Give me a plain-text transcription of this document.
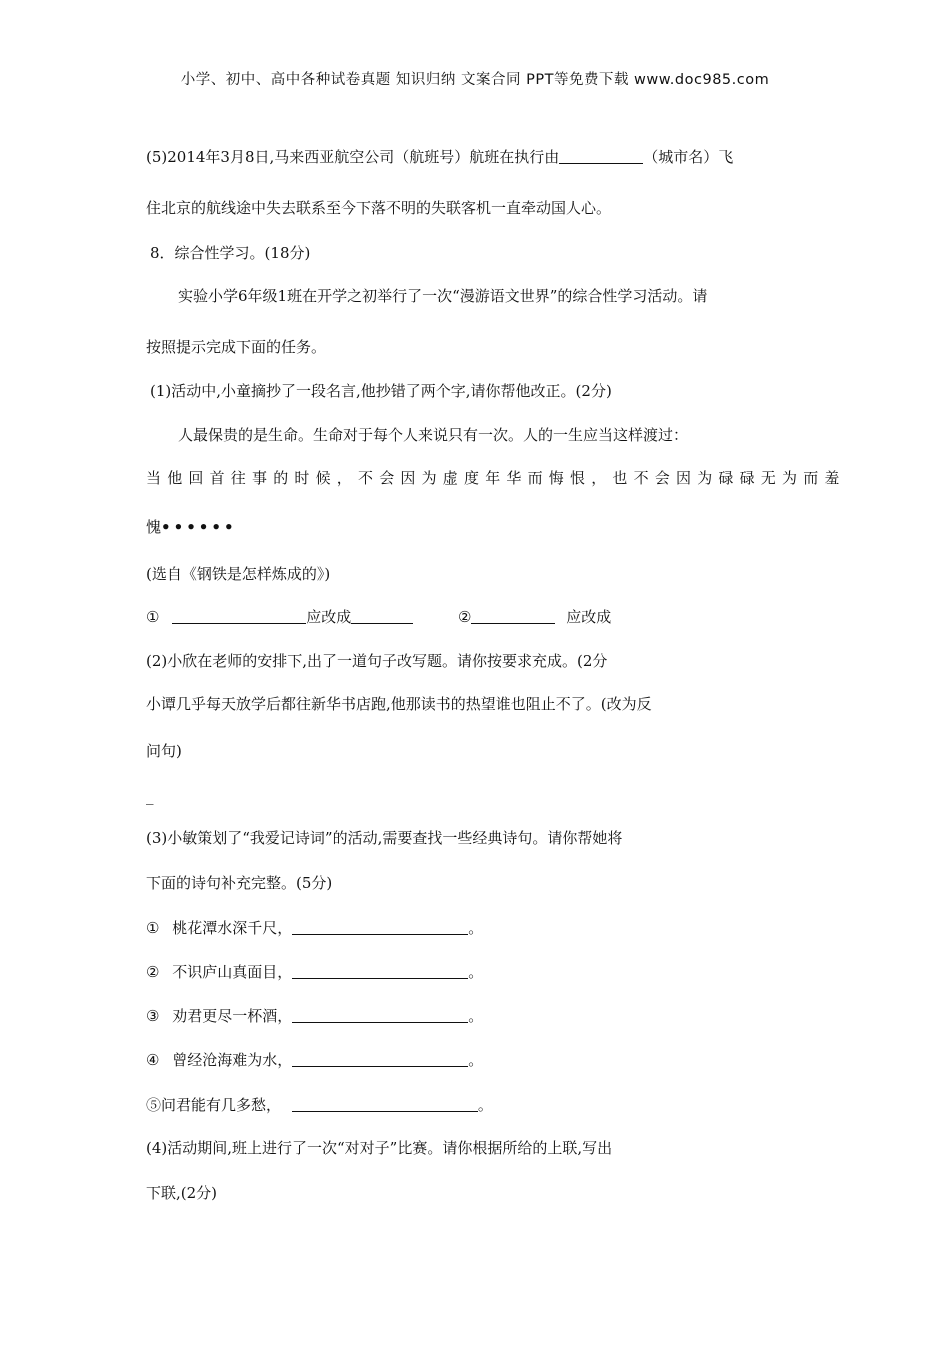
小学、初中、高中各种试卷真题 知识归纳 文案合同 PPT等免费下载 www.doc985.com
(5)2014年3月8日,马来西亚航空公司（航班号）航班在执行由	（城市名）飞
住北京的航线途中失去联系至今下落不明的失联客机一直牵动国人心。
8．综合性学习。(18分)
实验小学6年级1班在开学之初举行了一次“漫游语文世界”的综合性学习活动。请
按照提示完成下面的任务。
(1)活动中,小童摘抄了一段名言,他抄错了两个字,请你帮他改正。(2分)
人最保贵的是生命。生命对于每个人来说只有一次。人的一生应当这样渡过：
当他回首往事的时候，不会因为虚度年华而悔恨，也不会因为碌碌无为而羞
愧••••••
(选自《钢铁是怎样炼成的》)
①	应改成	②	应改成
(2)小欣在老师的安排下,出了一道句子改写题。请你按要求充成。(2分
小谭几乎每天放学后都往新华书店跑,他那读书的热望谁也阻止不了。(改为反
问句)
_
(3)小敏策划了“我爱记诗词”的活动,需要查找一些经典诗句。请你帮她将
下面的诗句补充完整。(5分)
① 桃花潭水深千尺，	。
② 不识庐山真面目，	。
③ 劝君更尽一杯酒，	。
④ 曾经沧海难为水，	。
⑤问君能有几多愁，	。
(4)活动期间,班上进行了一次“对对子”比赛。请你根据所给的上联,写出
下联,(2分)
